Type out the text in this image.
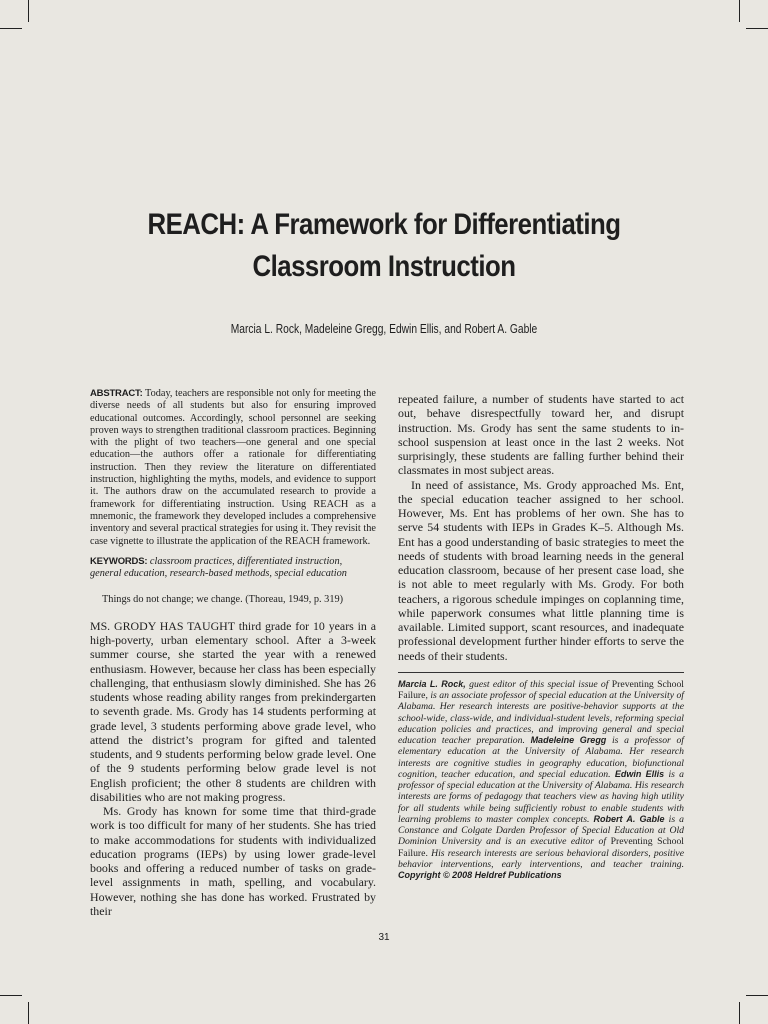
REACH: A Framework for Differentiating Classroom Instruction
Marcia L. Rock, Madeleine Gregg, Edwin Ellis, and Robert A. Gable

ABSTRACT: Today, teachers are responsible not only for meeting the diverse needs of all students but also for ensuring improved educational outcomes. Accordingly, school personnel are seeking proven ways to strengthen traditional classroom practices. Beginning with the plight of two teachers—one general and one special education—the authors offer a rationale for differentiating instruction. Then they review the literature on differentiated instruction, highlighting the myths, models, and evidence to support it. The authors draw on the accumulated research to provide a framework for differentiating instruction. Using REACH as a mnemonic, the framework they developed includes a comprehensive inventory and several practical strategies for using it. They revisit the case vignette to illustrate the application of the REACH framework.

KEYWORDS: classroom practices, differentiated instruction, general education, research-based methods, special education

Things do not change; we change. (Thoreau, 1949, p. 319)

MS. GRODY HAS TAUGHT third grade for 10 years in a high-poverty, urban elementary school. After a 3-week summer course, she started the year with a renewed enthusiasm. However, because her class has been especially challenging, that enthusiasm slowly diminished. She has 26 students whose reading ability ranges from prekindergarten to seventh grade. Ms. Grody has 14 students performing at grade level, 3 students performing above grade level, who attend the district’s program for gifted and talented students, and 9 students performing below grade level. One of the 9 students performing below grade level is not English proficient; the other 8 students are children with disabilities who are not making progress.

Ms. Grody has known for some time that third-grade work is too difficult for many of her students. She has tried to make accommodations for students with individualized education programs (IEPs) by using lower grade-level books and offering a reduced number of tasks on grade-level assignments in math, spelling, and vocabulary. However, nothing she has done has worked. Frustrated by their

repeated failure, a number of students have started to act out, behave disrespectfully toward her, and disrupt instruction. Ms. Grody has sent the same students to in-school suspension at least once in the last 2 weeks. Not surprisingly, these students are falling further behind their classmates in most subject areas.

In need of assistance, Ms. Grody approached Ms. Ent, the special education teacher assigned to her school. However, Ms. Ent has problems of her own. She has to serve 54 students with IEPs in Grades K–5. Although Ms. Ent has a good understanding of basic strategies to meet the needs of students with broad learning needs in the general education classroom, because of her present case load, she is not able to meet regularly with Ms. Grody. For both teachers, a rigorous schedule impinges on coplanning time, while paperwork consumes what little planning time is available. Limited support, scant resources, and inadequate professional development further hinder efforts to serve the needs of their students.

Marcia L. Rock, guest editor of this special issue of Preventing School Failure, is an associate professor of special education at the University of Alabama. Her research interests are positive-behavior supports at the school-wide, class-wide, and individual-student levels, reforming special education policies and practices, and improving general and special education teacher preparation. Madeleine Gregg is a professor of elementary education at the University of Alabama. Her research interests are cognitive studies in geography education, biofunctional cognition, teacher education, and special education. Edwin Ellis is a professor of special education at the University of Alabama. His research interests are forms of pedagogy that teachers view as having high utility for all students while being sufficiently robust to enable students with learning problems to master complex concepts. Robert A. Gable is a Constance and Colgate Darden Professor of Special Education at Old Dominion University and is an executive editor of Preventing School Failure. His research interests are serious behavioral disorders, positive behavior interventions, early interventions, and teacher training. Copyright © 2008 Heldref Publications

31
